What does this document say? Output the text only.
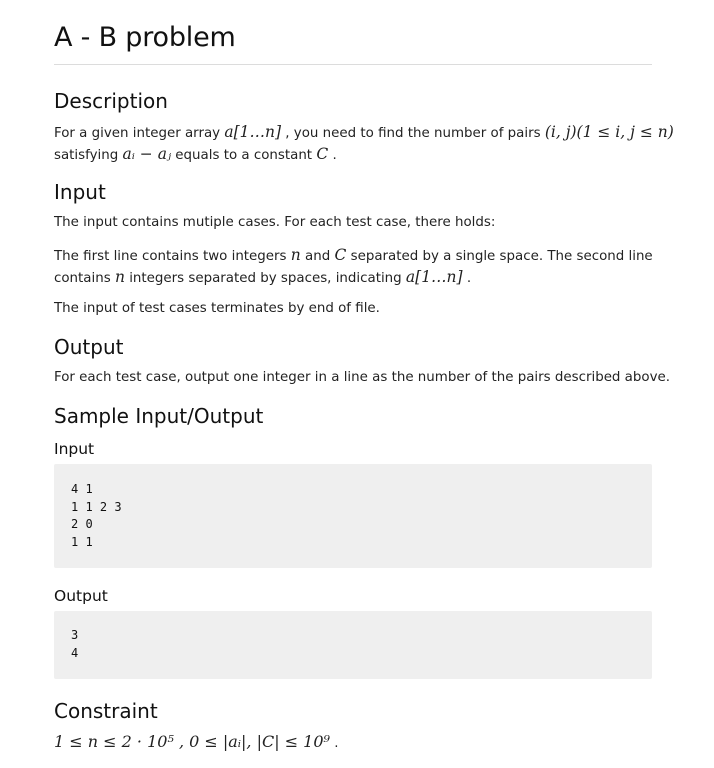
A - B problem
Description

For a given integer array a[1…n] , you need to find the number of pairs (i, j)(1 ≤ i, j ≤ n)

satisfying aᵢ − aⱼ equals to a constant C .

Input

The input contains mutiple cases. For each test case, there holds:

The first line contains two integers n and C separated by a single space. The second line

contains n integers separated by spaces, indicating a[1…n] .

The input of test cases terminates by end of file.

Output

For each test case, output one integer in a line as the number of the pairs described above.

Sample Input/Output
Input
4 1
1 1 2 3
2 0
1 1
Output
3
4
Constraint

1 ≤ n ≤ 2 · 10⁵ , 0 ≤ |aᵢ|, |C| ≤ 10⁹ .
